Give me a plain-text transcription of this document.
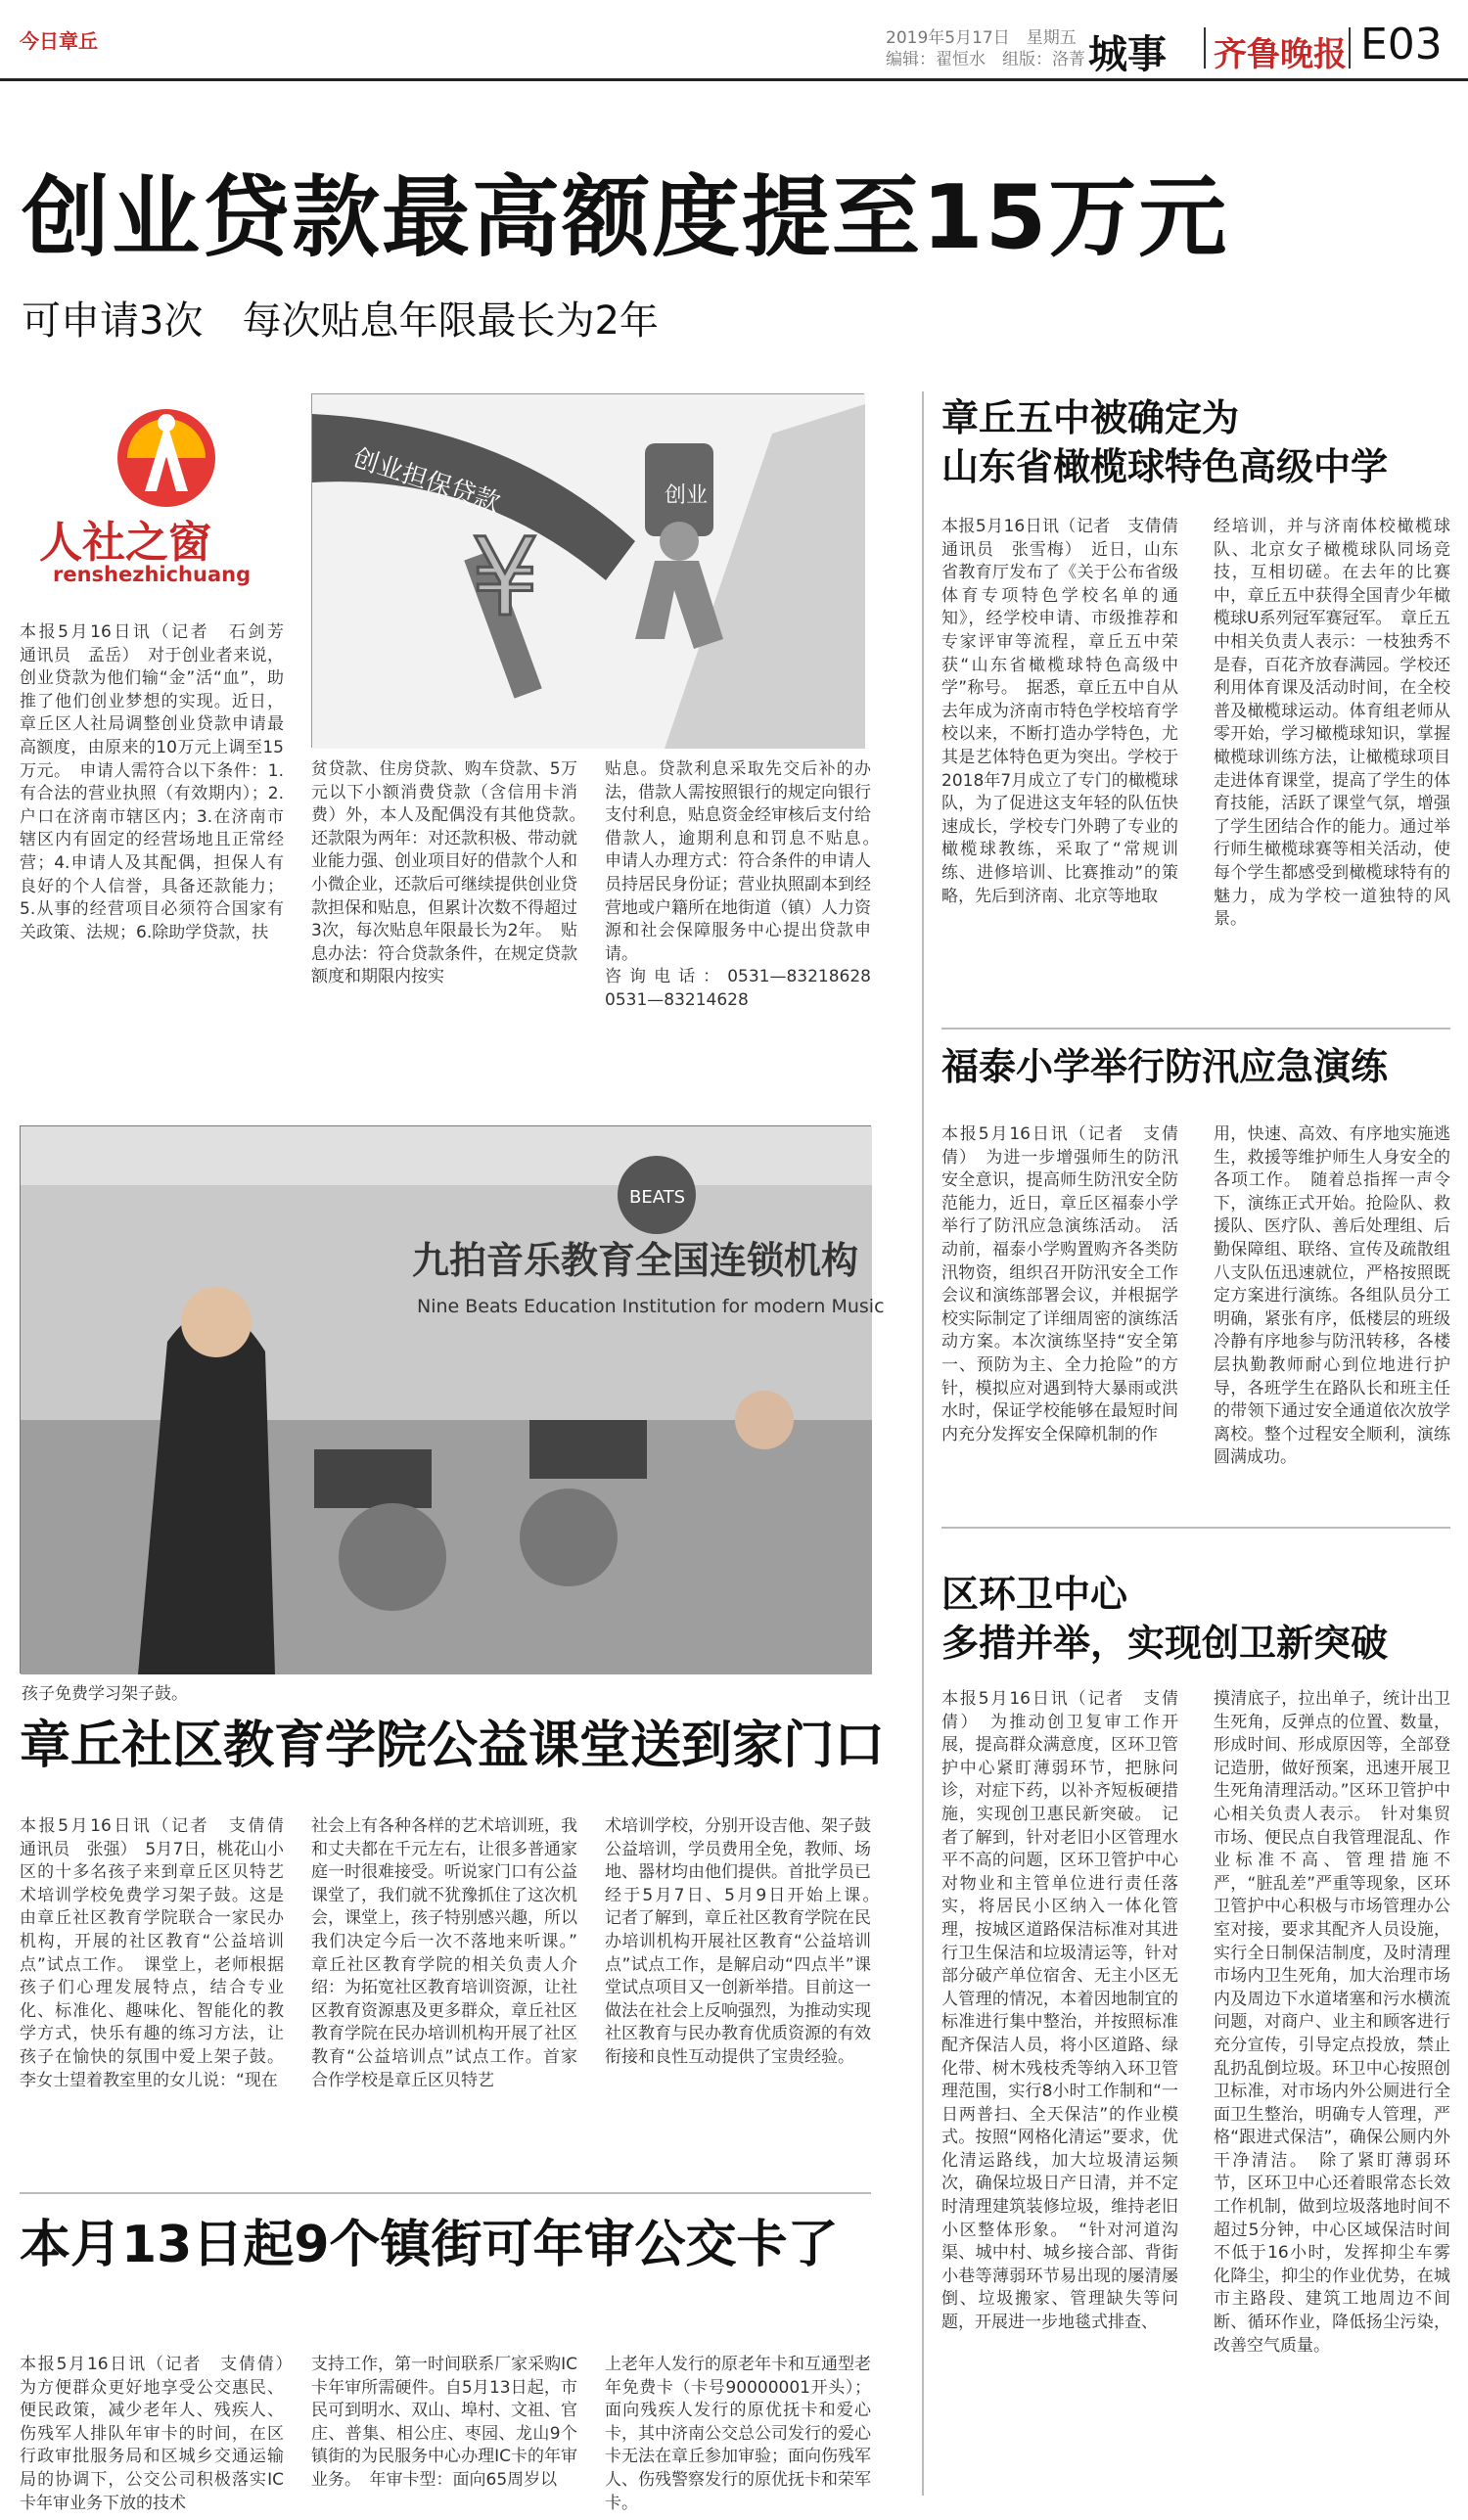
今日章丘	2019年5月17日　星期五
编辑：翟恒水　组版：洛菁 城事 齐鲁晚报 E03
创业贷款最高额度提至15万元
可申请3次　每次贴息年限最长为2年
人社之窗
renshezhichuang
创业担保贷款
¥
创业

本报5月16日讯（记者　石剑芳　通讯员　孟岳）　对于创业者来说，创业贷款为他们输“金”活“血”，助推了他们创业梦想的实现。近日，章丘区人社局调整创业贷款申请最高额度，由原来的10万元上调至15万元。　申请人需符合以下条件：1.有合法的营业执照（有效期内）；2.户口在济南市辖区内；3.在济南市辖区内有固定的经营场地且正常经营；4.申请人及其配偶，担保人有良好的个人信誉，具备还款能力；5.从事的经营项目必须符合国家有关政策、法规；6.除助学贷款，扶

贫贷款、住房贷款、购车贷款、5万元以下小额消费贷款（含信用卡消费）外，本人及配偶没有其他贷款。　还款限为两年：对还款积极、带动就业能力强、创业项目好的借款个人和小微企业，还款后可继续提供创业贷款担保和贴息，但累计次数不得超过3次，每次贴息年限最长为2年。　贴息办法：符合贷款条件，在规定贷款额度和期限内按实

贴息。贷款利息采取先交后补的办法，借款人需按照银行的规定向银行支付利息，贴息资金经审核后支付给借款人，逾期利息和罚息不贴息。　申请人办理方式：符合条件的申请人员持居民身份证；营业执照副本到经营地或户籍所在地街道（镇）人力资源和社会保障服务中心提出贷款申请。

咨询电话：0531—83218628　0531—83214628

章丘五中被确定为
山东省橄榄球特色高级中学

本报5月16日讯（记者　支倩倩　通讯员　张雪梅）　近日，山东省教育厅发布了《关于公布省级体育专项特色学校名单的通知》，经学校申请、市级推荐和专家评审等流程，章丘五中荣获“山东省橄榄球特色高级中学”称号。　据悉，章丘五中自从去年成为济南市特色学校培育学校以来，不断打造办学特色，尤其是艺体特色更为突出。学校于2018年7月成立了专门的橄榄球队，为了促进这支年轻的队伍快速成长，学校专门外聘了专业的橄榄球教练，采取了“常规训练、进修培训、比赛推动”的策略，先后到济南、北京等地取

经培训，并与济南体校橄榄球队、北京女子橄榄球队同场竞技，互相切磋。在去年的比赛中，章丘五中获得全国青少年橄榄球U系列冠军赛冠军。　章丘五中相关负责人表示：一枝独秀不是春，百花齐放春满园。学校还利用体育课及活动时间，在全校普及橄榄球运动。体育组老师从零开始，学习橄榄球知识，掌握橄榄球训练方法，让橄榄球项目走进体育课堂，提高了学生的体育技能，活跃了课堂气氛，增强了学生团结合作的能力。通过举行师生橄榄球赛等相关活动，使每个学生都感受到橄榄球特有的魅力，成为学校一道独特的风景。

福泰小学举行防汛应急演练

本报5月16日讯（记者　支倩倩）　为进一步增强师生的防汛安全意识，提高师生防汛安全防范能力，近日，章丘区福泰小学举行了防汛应急演练活动。　活动前，福泰小学购置购齐各类防汛物资，组织召开防汛安全工作会议和演练部署会议，并根据学校实际制定了详细周密的演练活动方案。本次演练坚持“安全第一、预防为主、全力抢险”的方针，模拟应对遇到特大暴雨或洪水时，保证学校能够在最短时间内充分发挥安全保障机制的作

用，快速、高效、有序地实施逃生，救援等维护师生人身安全的各项工作。　随着总指挥一声令下，演练正式开始。抢险队、救援队、医疗队、善后处理组、后勤保障组、联络、宣传及疏散组八支队伍迅速就位，严格按照既定方案进行演练。各组队员分工明确，紧张有序，低楼层的班级冷静有序地参与防汛转移，各楼层执勤教师耐心到位地进行护导，各班学生在路队长和班主任的带领下通过安全通道依次放学离校。整个过程安全顺利，演练圆满成功。

区环卫中心
多措并举，实现创卫新突破

本报5月16日讯（记者　支倩倩）　为推动创卫复审工作开展，提高群众满意度，区环卫管护中心紧盯薄弱环节，把脉问诊，对症下药，以补齐短板硬措施，实现创卫惠民新突破。　记者了解到，针对老旧小区管理水平不高的问题，区环卫管护中心对物业和主管单位进行责任落实，将居民小区纳入一体化管理，按城区道路保洁标准对其进行卫生保洁和垃圾清运等，针对部分破产单位宿舍、无主小区无人管理的情况，本着因地制宜的标准进行集中整治，并按照标准配齐保洁人员，将小区道路、绿化带、树木残枝秃等纳入环卫管理范围，实行8小时工作制和“一日两普扫、全天保洁”的作业模式。按照“网格化清运”要求，优化清运路线，加大垃圾清运频次，确保垃圾日产日清，并不定时清理建筑装修垃圾，维持老旧小区整体形象。　“针对河道沟渠、城中村、城乡接合部、背街小巷等薄弱环节易出现的屡清屡倒、垃圾搬家、管理缺失等问题，开展进一步地毯式排查、

摸清底子，拉出单子，统计出卫生死角，反弹点的位置、数量，形成时间、形成原因等，全部登记造册，做好预案，迅速开展卫生死角清理活动。”区环卫管护中心相关负责人表示。　针对集贸市场、便民点自我管理混乱、作业标准不高、管理措施不严，“脏乱差”严重等现象，区环卫管护中心积极与市场管理办公室对接，要求其配齐人员设施，实行全日制保洁制度，及时清理市场内卫生死角，加大治理市场内及周边下水道堵塞和污水横流问题，对商户、业主和顾客进行充分宣传，引导定点投放，禁止乱扔乱倒垃圾。环卫中心按照创卫标准，对市场内外公厕进行全面卫生整治，明确专人管理，严格“跟进式保洁”，确保公厕内外干净清洁。　除了紧盯薄弱环节，区环卫中心还着眼常态长效工作机制，做到垃圾落地时间不超过5分钟，中心区域保洁时间不低于16小时，发挥抑尘车雾化降尘，抑尘的作业优势，在城市主路段、建筑工地周边不间断、循环作业，降低扬尘污染，改善空气质量。

BEATS
九拍音乐教育全国连锁机构
Nine Beats Education Institution for modern Music
孩子免费学习架子鼓。
章丘社区教育学院公益课堂送到家门口

本报5月16日讯（记者　支倩倩　通讯员　张强）　5月7日，桃花山小区的十多名孩子来到章丘区贝特艺术培训学校免费学习架子鼓。这是由章丘社区教育学院联合一家民办机构，开展的社区教育“公益培训点”试点工作。　课堂上，老师根据孩子们心理发展特点，结合专业化、标准化、趣味化、智能化的教学方式，快乐有趣的练习方法，让孩子在愉快的氛围中爱上架子鼓。李女士望着教室里的女儿说：“现在

社会上有各种各样的艺术培训班，我和丈夫都在千元左右，让很多普通家庭一时很难接受。听说家门口有公益课堂了，我们就不犹豫抓住了这次机会，课堂上，孩子特别感兴趣，所以我们决定今后一次不落地来听课。”　章丘社区教育学院的相关负责人介绍：为拓宽社区教育培训资源，让社区教育资源惠及更多群众，章丘社区教育学院在民办培训机构开展了社区教育“公益培训点”试点工作。首家合作学校是章丘区贝特艺

术培训学校，分别开设吉他、架子鼓公益培训，学员费用全免，教师、场地、器材均由他们提供。首批学员已经于5月7日、5月9日开始上课。　记者了解到，章丘社区教育学院在民办培训机构开展社区教育“公益培训点”试点工作，是解启动“四点半”课堂试点项目又一创新举措。目前这一做法在社会上反响强烈，为推动实现社区教育与民办教育优质资源的有效衔接和良性互动提供了宝贵经验。

本月13日起9个镇街可年审公交卡了

本报5月16日讯（记者　支倩倩）　为方便群众更好地享受公交惠民、便民政策，减少老年人、残疾人、伤残军人排队年审卡的时间，在区行政审批服务局和区城乡交通运输局的协调下，公交公司积极落实IC卡年审业务下放的技术

支持工作，第一时间联系厂家采购IC卡年审所需硬件。自5月13日起，市民可到明水、双山、埠村、文祖、官庄、普集、相公庄、枣园、龙山9个镇街的为民服务中心办理IC卡的年审业务。　年审卡型：面向65周岁以

上老年人发行的原老年卡和互通型老年免费卡（卡号90000001开头）；面向残疾人发行的原优抚卡和爱心卡，其中济南公交总公司发行的爱心卡无法在章丘参加审验；面向伤残军人、伤残警察发行的原优抚卡和荣军卡。
